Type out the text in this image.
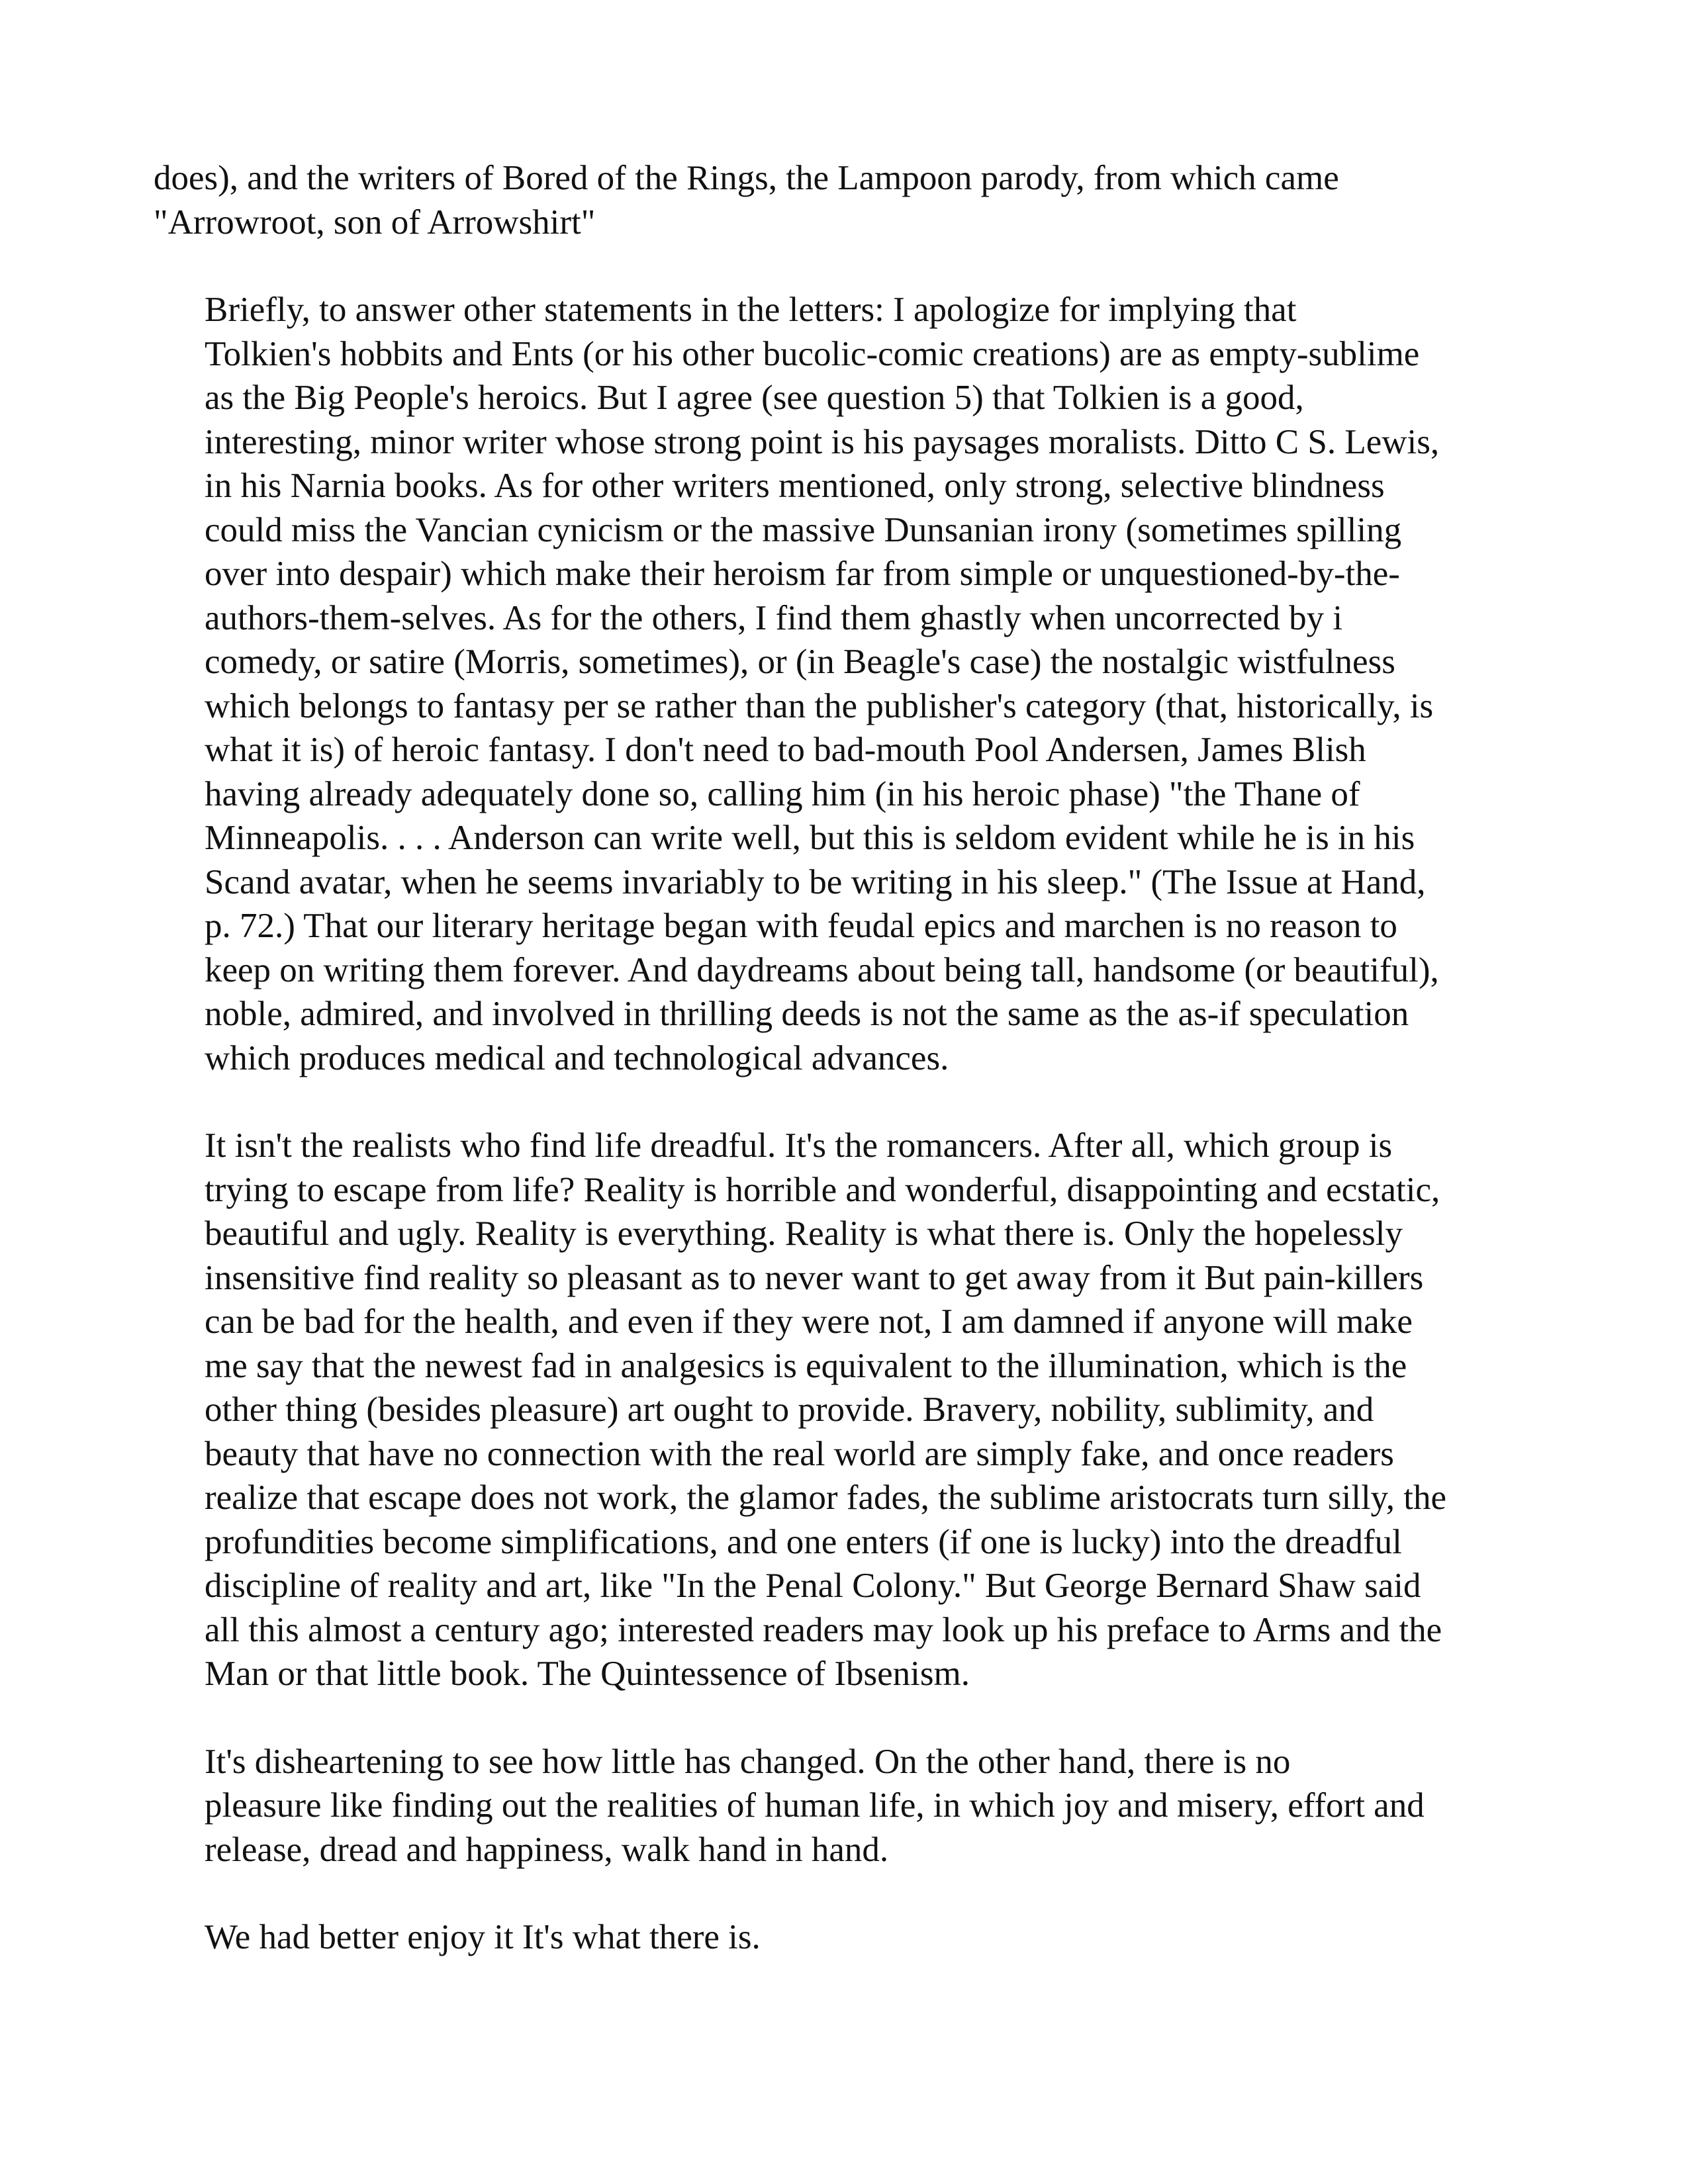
does), and the writers of Bored of the Rings, the Lampoon parody, from which came
"Arrowroot, son of Arrowshirt"

Briefly, to answer other statements in the letters: I apologize for implying that
Tolkien's hobbits and Ents (or his other bucolic-comic creations) are as empty-sublime
as the Big People's heroics. But I agree (see question 5) that Tolkien is a good,
interesting, minor writer whose strong point is his paysages moralists. Ditto C S. Lewis,
in his Narnia books. As for other writers mentioned, only strong, selective blindness
could miss the Vancian cynicism or the massive Dunsanian irony (sometimes spilling
over into despair) which make their heroism far from simple or unquestioned-by-the-
authors-them-selves. As for the others, I find them ghastly when uncorrected by i
comedy, or satire (Morris, sometimes), or (in Beagle's case) the nostalgic wistfulness
which belongs to fantasy per se rather than the publisher's category (that, historically, is
what it is) of heroic fantasy. I don't need to bad-mouth Pool Andersen, James Blish
having already adequately done so, calling him (in his heroic phase) "the Thane of
Minneapolis. . . . Anderson can write well, but this is seldom evident while he is in his
Scand avatar, when he seems invariably to be writing in his sleep." (The Issue at Hand,
p. 72.) That our literary heritage began with feudal epics and marchen is no reason to
keep on writing them forever. And daydreams about being tall, handsome (or beautiful),
noble, admired, and involved in thrilling deeds is not the same as the as-if speculation
which produces medical and technological advances.

It isn't the realists who find life dreadful. It's the romancers. After all, which group is
trying to escape from life? Reality is horrible and wonderful, disappointing and ecstatic,
beautiful and ugly. Reality is everything. Reality is what there is. Only the hopelessly
insensitive find reality so pleasant as to never want to get away from it But pain-killers
can be bad for the health, and even if they were not, I am damned if anyone will make
me say that the newest fad in analgesics is equivalent to the illumination, which is the
other thing (besides pleasure) art ought to provide. Bravery, nobility, sublimity, and
beauty that have no connection with the real world are simply fake, and once readers
realize that escape does not work, the glamor fades, the sublime aristocrats turn silly, the
profundities become simplifications, and one enters (if one is lucky) into the dreadful
discipline of reality and art, like "In the Penal Colony." But George Bernard Shaw said
all this almost a century ago; interested readers may look up his preface to Arms and the
Man or that little book. The Quintessence of Ibsenism.

It's disheartening to see how little has changed. On the other hand, there is no
pleasure like finding out the realities of human life, in which joy and misery, effort and
release, dread and happiness, walk hand in hand.

We had better enjoy it It's what there is.
